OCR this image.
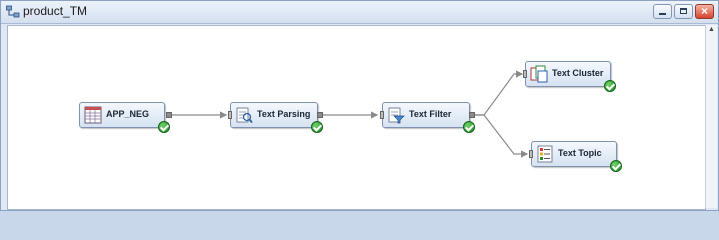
product_TM	×
APP_NEG	Text Parsing	Text Filter
Text Cluster
Text Topic
▲
